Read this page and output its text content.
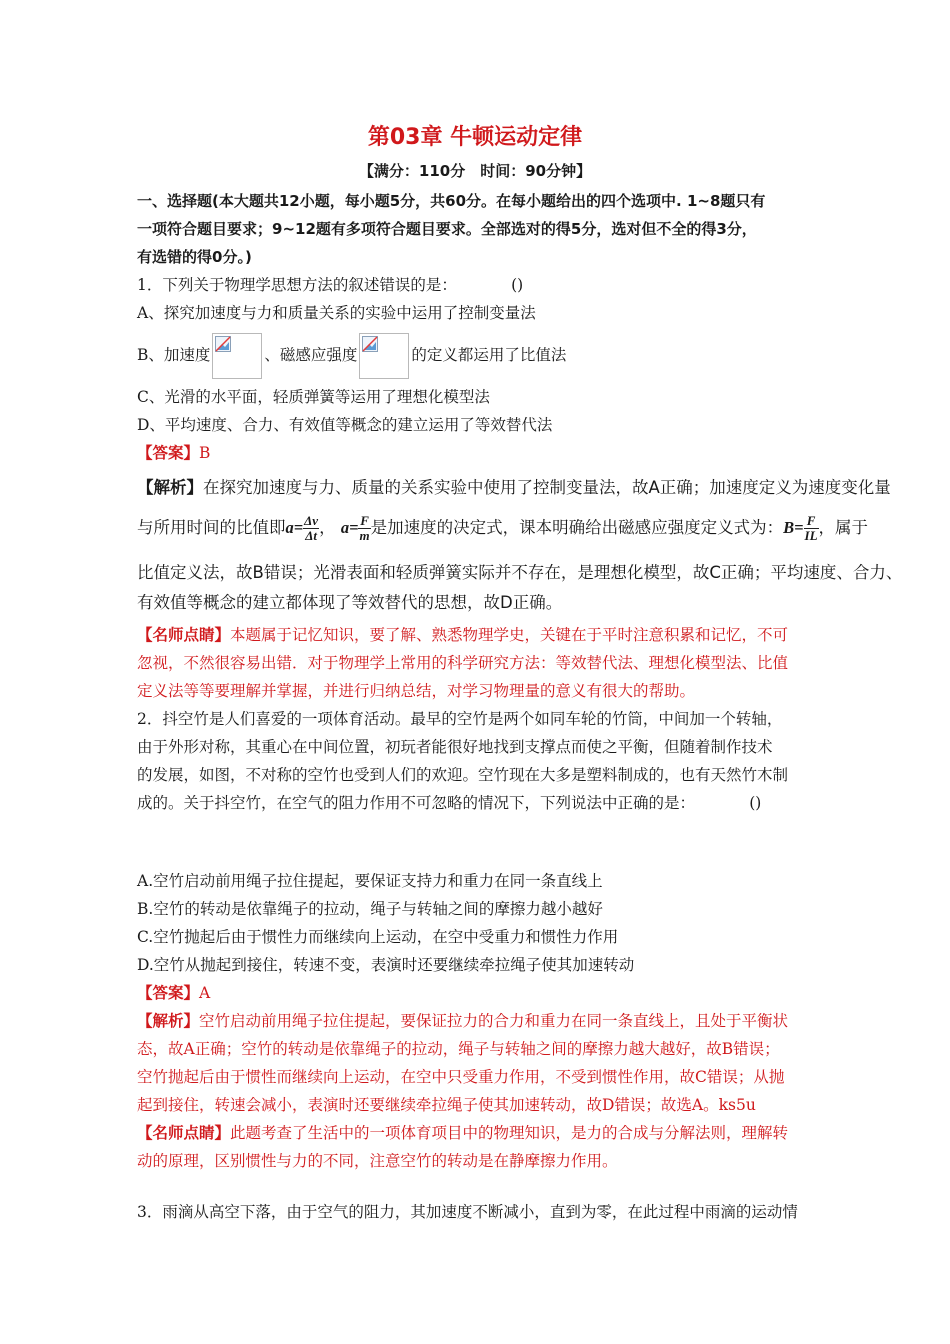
第03章 牛顿运动定律
【满分：110分　时间：90分钟】
一、选择题(本大题共12小题，每小题5分，共60分。在每小题给出的四个选项中. 1~8题只有
一项符合题目要求；9~12题有多项符合题目要求。全部选对的得5分，选对但不全的得3分，
有选错的得0分。)
1．下列关于物理学思想方法的叙述错误的是：　　　　()
A、探究加速度与力和质量关系的实验中运用了控制变量法
B、加速度	、磁感应强度	的定义都运用了比值法
C、光滑的水平面，轻质弹簧等运用了理想化模型法
D、平均速度、合力、有效值等概念的建立运用了等效替代法
【答案】B
【解析】在探究加速度与力、质量的关系实验中使用了控制变量法，故A正确；加速度定义为速度变化量
与所用时间的比值即$a= \frac{\Delta v}{\Delta t}$ ， $a= \frac{F}{m}$ 是加速度的决定式，课本明确给出磁感应强度定义式为：$B= \frac{F}{IL}$ ，属于
比值定义法，故B错误；光滑表面和轻质弹簧实际并不存在，是理想化模型，故C正确；平均速度、合力、
有效值等概念的建立都体现了等效替代的思想，故D正确。
【名师点睛】本题属于记忆知识，要了解、熟悉物理学史，关键在于平时注意积累和记忆，不可
忽视，不然很容易出错．对于物理学上常用的科学研究方法：等效替代法、理想化模型法、比值
定义法等等要理解并掌握，并进行归纳总结，对学习物理量的意义有很大的帮助。
2．抖空竹是人们喜爱的一项体育活动。最早的空竹是两个如同车轮的竹筒，中间加一个转轴，
由于外形对称，其重心在中间位置，初玩者能很好地找到支撑点而使之平衡，但随着制作技术
的发展，如图，不对称的空竹也受到人们的欢迎。空竹现在大多是塑料制成的，也有天然竹木制
成的。关于抖空竹，在空气的阻力作用不可忽略的情况下，下列说法中正确的是：　　　　()
A.空竹启动前用绳子拉住提起，要保证支持力和重力在同一条直线上
B.空竹的转动是依靠绳子的拉动，绳子与转轴之间的摩擦力越小越好
C.空竹抛起后由于惯性力而继续向上运动，在空中受重力和惯性力作用
D.空竹从抛起到接住，转速不变，表演时还要继续牵拉绳子使其加速转动
【答案】A
【解析】空竹启动前用绳子拉住提起，要保证拉力的合力和重力在同一条直线上，且处于平衡状
态，故A正确；空竹的转动是依靠绳子的拉动，绳子与转轴之间的摩擦力越大越好，故B错误；
空竹抛起后由于惯性而继续向上运动，在空中只受重力作用，不受到惯性作用，故C错误；从抛
起到接住，转速会减小，表演时还要继续牵拉绳子使其加速转动，故D错误；故选A。ks5u
【名师点睛】此题考查了生活中的一项体育项目中的物理知识，是力的合成与分解法则，理解转
动的原理，区别惯性与力的不同，注意空竹的转动是在静摩擦力作用。
3．雨滴从高空下落，由于空气的阻力，其加速度不断减小，直到为零，在此过程中雨滴的运动情
